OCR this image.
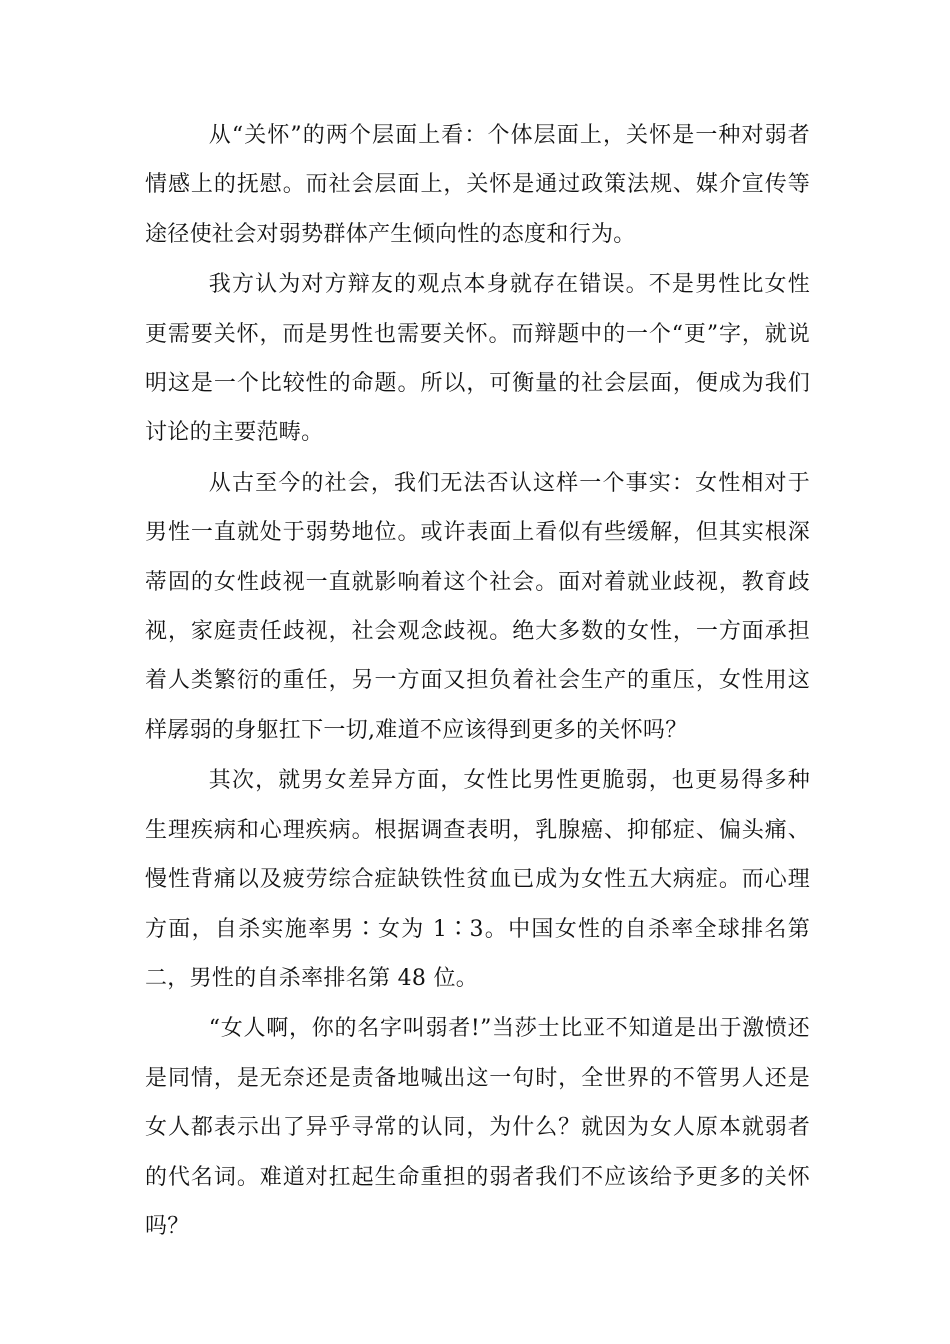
从“关怀”的两个层面上看：个体层面上，关怀是一种对弱者情感上的抚慰。而社会层面上，关怀是通过政策法规、媒介宣传等途径使社会对弱势群体产生倾向性的态度和行为。

我方认为对方辩友的观点本身就存在错误。不是男性比女性更需要关怀，而是男性也需要关怀。而辩题中的一个“更”字，就说明这是一个比较性的命题。所以，可衡量的社会层面，便成为我们讨论的主要范畴。

从古至今的社会，我们无法否认这样一个事实：女性相对于男性一直就处于弱势地位。或许表面上看似有些缓解，但其实根深蒂固的女性歧视一直就影响着这个社会。面对着就业歧视，教育歧视，家庭责任歧视，社会观念歧视。绝大多数的女性，一方面承担着人类繁衍的重任，另一方面又担负着社会生产的重压，女性用这样孱弱的身躯扛下一切,难道不应该得到更多的关怀吗？

其次，就男女差异方面，女性比男性更脆弱，也更易得多种生理疾病和心理疾病。根据调查表明，乳腺癌、抑郁症、偏头痛、慢性背痛以及疲劳综合症缺铁性贫血已成为女性五大病症。而心理方面，自杀实施率男∶女为 1∶3。中国女性的自杀率全球排名第二，男性的自杀率排名第 48 位。

“女人啊，你的名字叫弱者!”当莎士比亚不知道是出于激愤还是同情，是无奈还是责备地喊出这一句时，全世界的不管男人还是女人都表示出了异乎寻常的认同，为什么？就因为女人原本就弱者的代名词。难道对扛起生命重担的弱者我们不应该给予更多的关怀吗？
